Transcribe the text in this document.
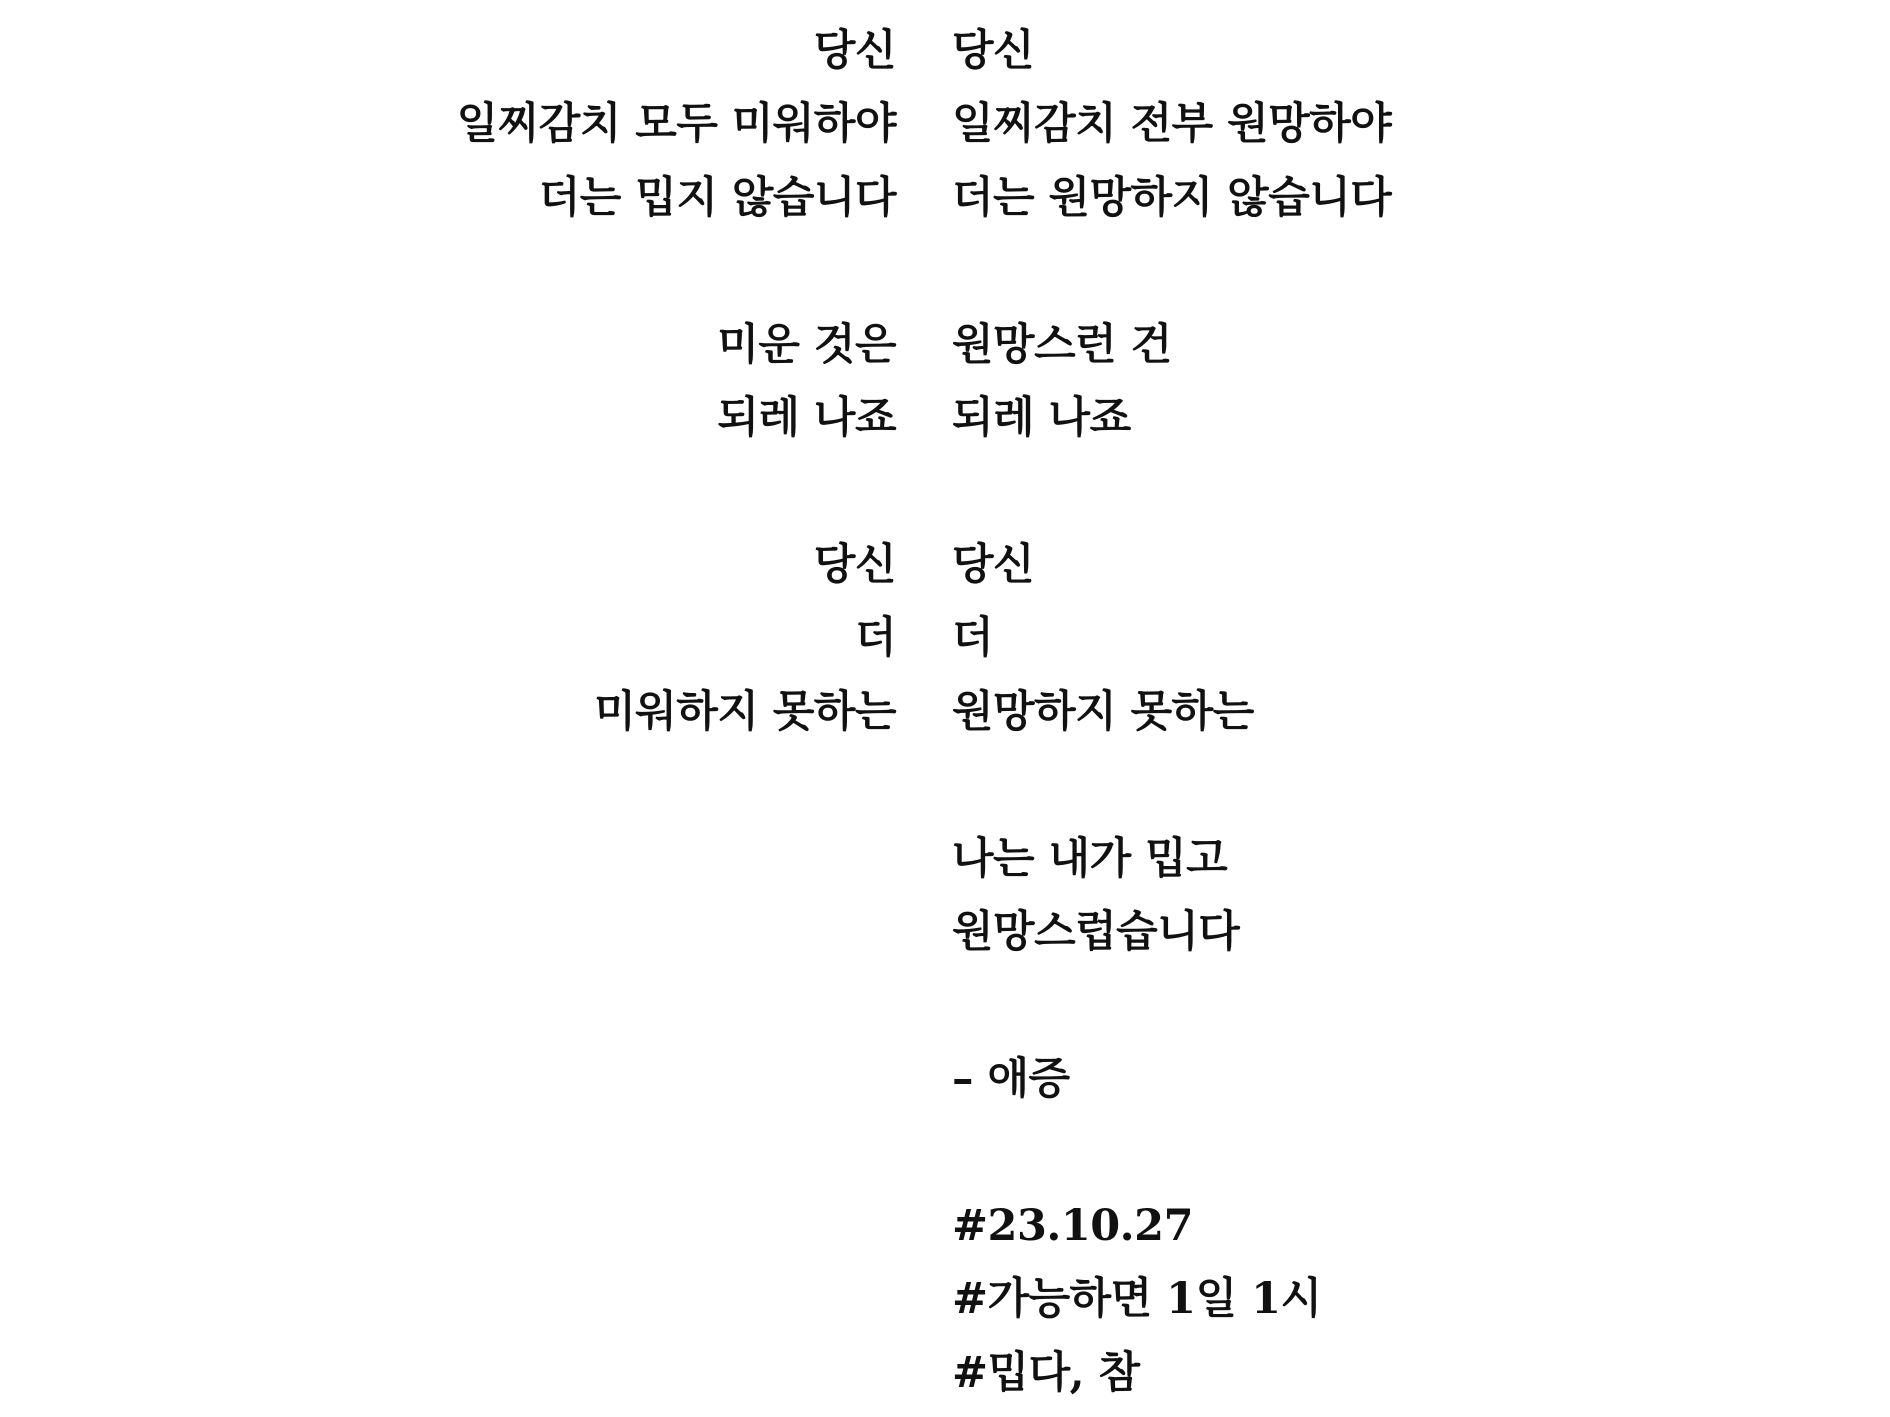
당신
일찌감치 모두 미워하야
더는 밉지 않습니다
미운 것은
되레 나죠
당신
더
미워하지 못하는
당신
일찌감치 전부 원망하야
더는 원망하지 않습니다
원망스런 건
되레 나죠
당신
더
원망하지 못하는
나는 내가 밉고
원망스럽습니다
– 애증
#23.10.27
#가능하면 1일 1시
#밉다, 참
